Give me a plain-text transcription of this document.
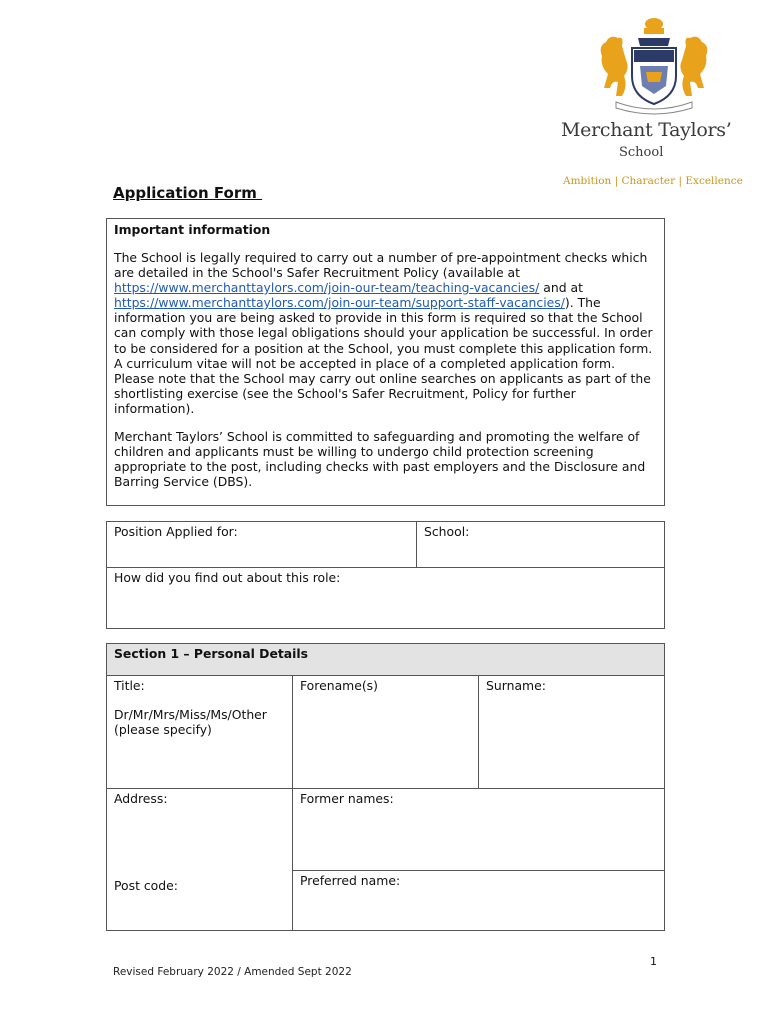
Merchant Taylors’
School
Ambition | Character | Excellence
Application Form

Important information

The School is legally required to carry out a number of pre-appointment checks which are detailed in the School's Safer Recruitment Policy (available at https://www.merchanttaylors.com/join-our-team/teaching-vacancies/ and at https://www.merchanttaylors.com/join-our-team/support-staff-vacancies/). The information you are being asked to provide in this form is required so that the School can comply with those legal obligations should your application be successful. In order to be considered for a position at the School, you must complete this application form. A curriculum vitae will not be accepted in place of a completed application form. Please note that the School may carry out online searches on applicants as part of the shortlisting exercise (see the School's Safer Recruitment, Policy for further information).

Merchant Taylors’ School is committed to safeguarding and promoting the welfare of children and applicants must be willing to undergo child protection screening appropriate to the post, including checks with past employers and the Disclosure and Barring Service (DBS).

Position Applied for:	School:
How did you find out about this role:
Section 1 – Personal Details
Title:
Dr/Mr/Mrs/Miss/Ms/Other (please specify)
Forename(s)	Surname:
Address:
Post code:
Former names:
Preferred name:
1
Revised February 2022 / Amended Sept 2022
